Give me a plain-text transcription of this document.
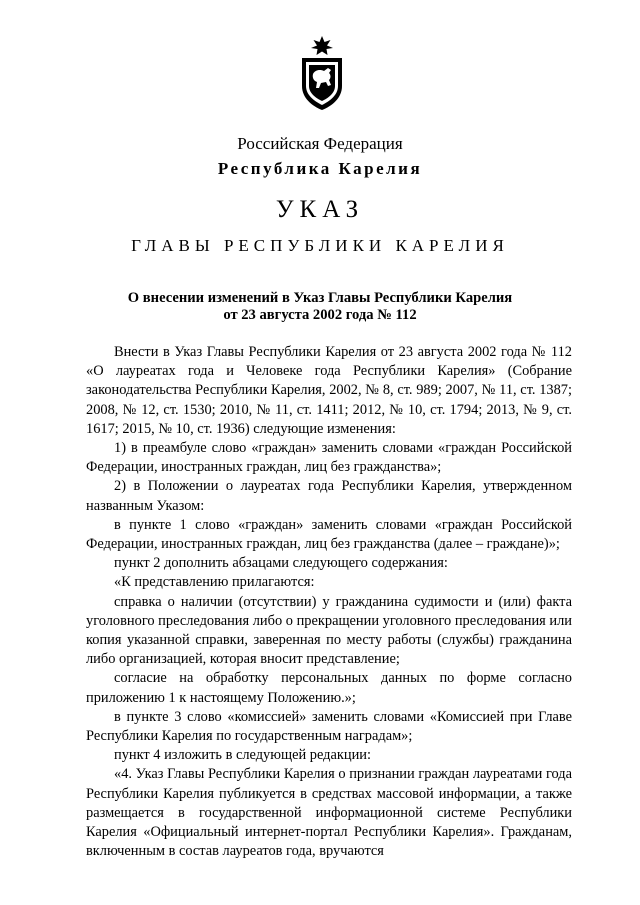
Российская Федерация
Республика Карелия
УКАЗ
ГЛАВЫ РЕСПУБЛИКИ КАРЕЛИЯ
О внесении изменений в Указ Главы Республики Карелия
от 23 августа 2002 года № 112

Внести в Указ Главы Республики Карелия от 23 августа 2002 года № 112 «О лауреатах года и Человеке года Республики Карелия» (Собрание законодательства Республики Карелия, 2002, № 8, ст. 989; 2007, № 11, ст. 1387; 2008, № 12, ст. 1530; 2010, № 11, ст. 1411; 2012, № 10, ст. 1794; 2013, № 9, ст. 1617; 2015, № 10, ст. 1936) следующие изменения:

1) в преамбуле слово «граждан» заменить словами «граждан Российской Федерации, иностранных граждан, лиц без гражданства»;

2) в Положении о лауреатах года Республики Карелия, утвержденном названным Указом:

в пункте 1 слово «граждан» заменить словами «граждан Российской Федерации, иностранных граждан, лиц без гражданства (далее – граждане)»;

пункт 2 дополнить абзацами следующего содержания:

«К представлению прилагаются:

справка о наличии (отсутствии) у гражданина судимости и (или) факта уголовного преследования либо о прекращении уголовного преследования или копия указанной справки, заверенная по месту работы (службы) гражданина либо организацией, которая вносит представление;

согласие на обработку персональных данных по форме согласно приложению 1 к настоящему Положению.»;

в пункте 3 слово «комиссией» заменить словами «Комиссией при Главе Республики Карелия по государственным наградам»;

пункт 4 изложить в следующей редакции:

«4. Указ Главы Республики Карелия о признании граждан лауреатами года Республики Карелия публикуется в средствах массовой информации, а также размещается в государственной информационной системе Республики Карелия «Официальный интернет-портал Республики Карелия». Гражданам, включенным в состав лауреатов года, вручаются
